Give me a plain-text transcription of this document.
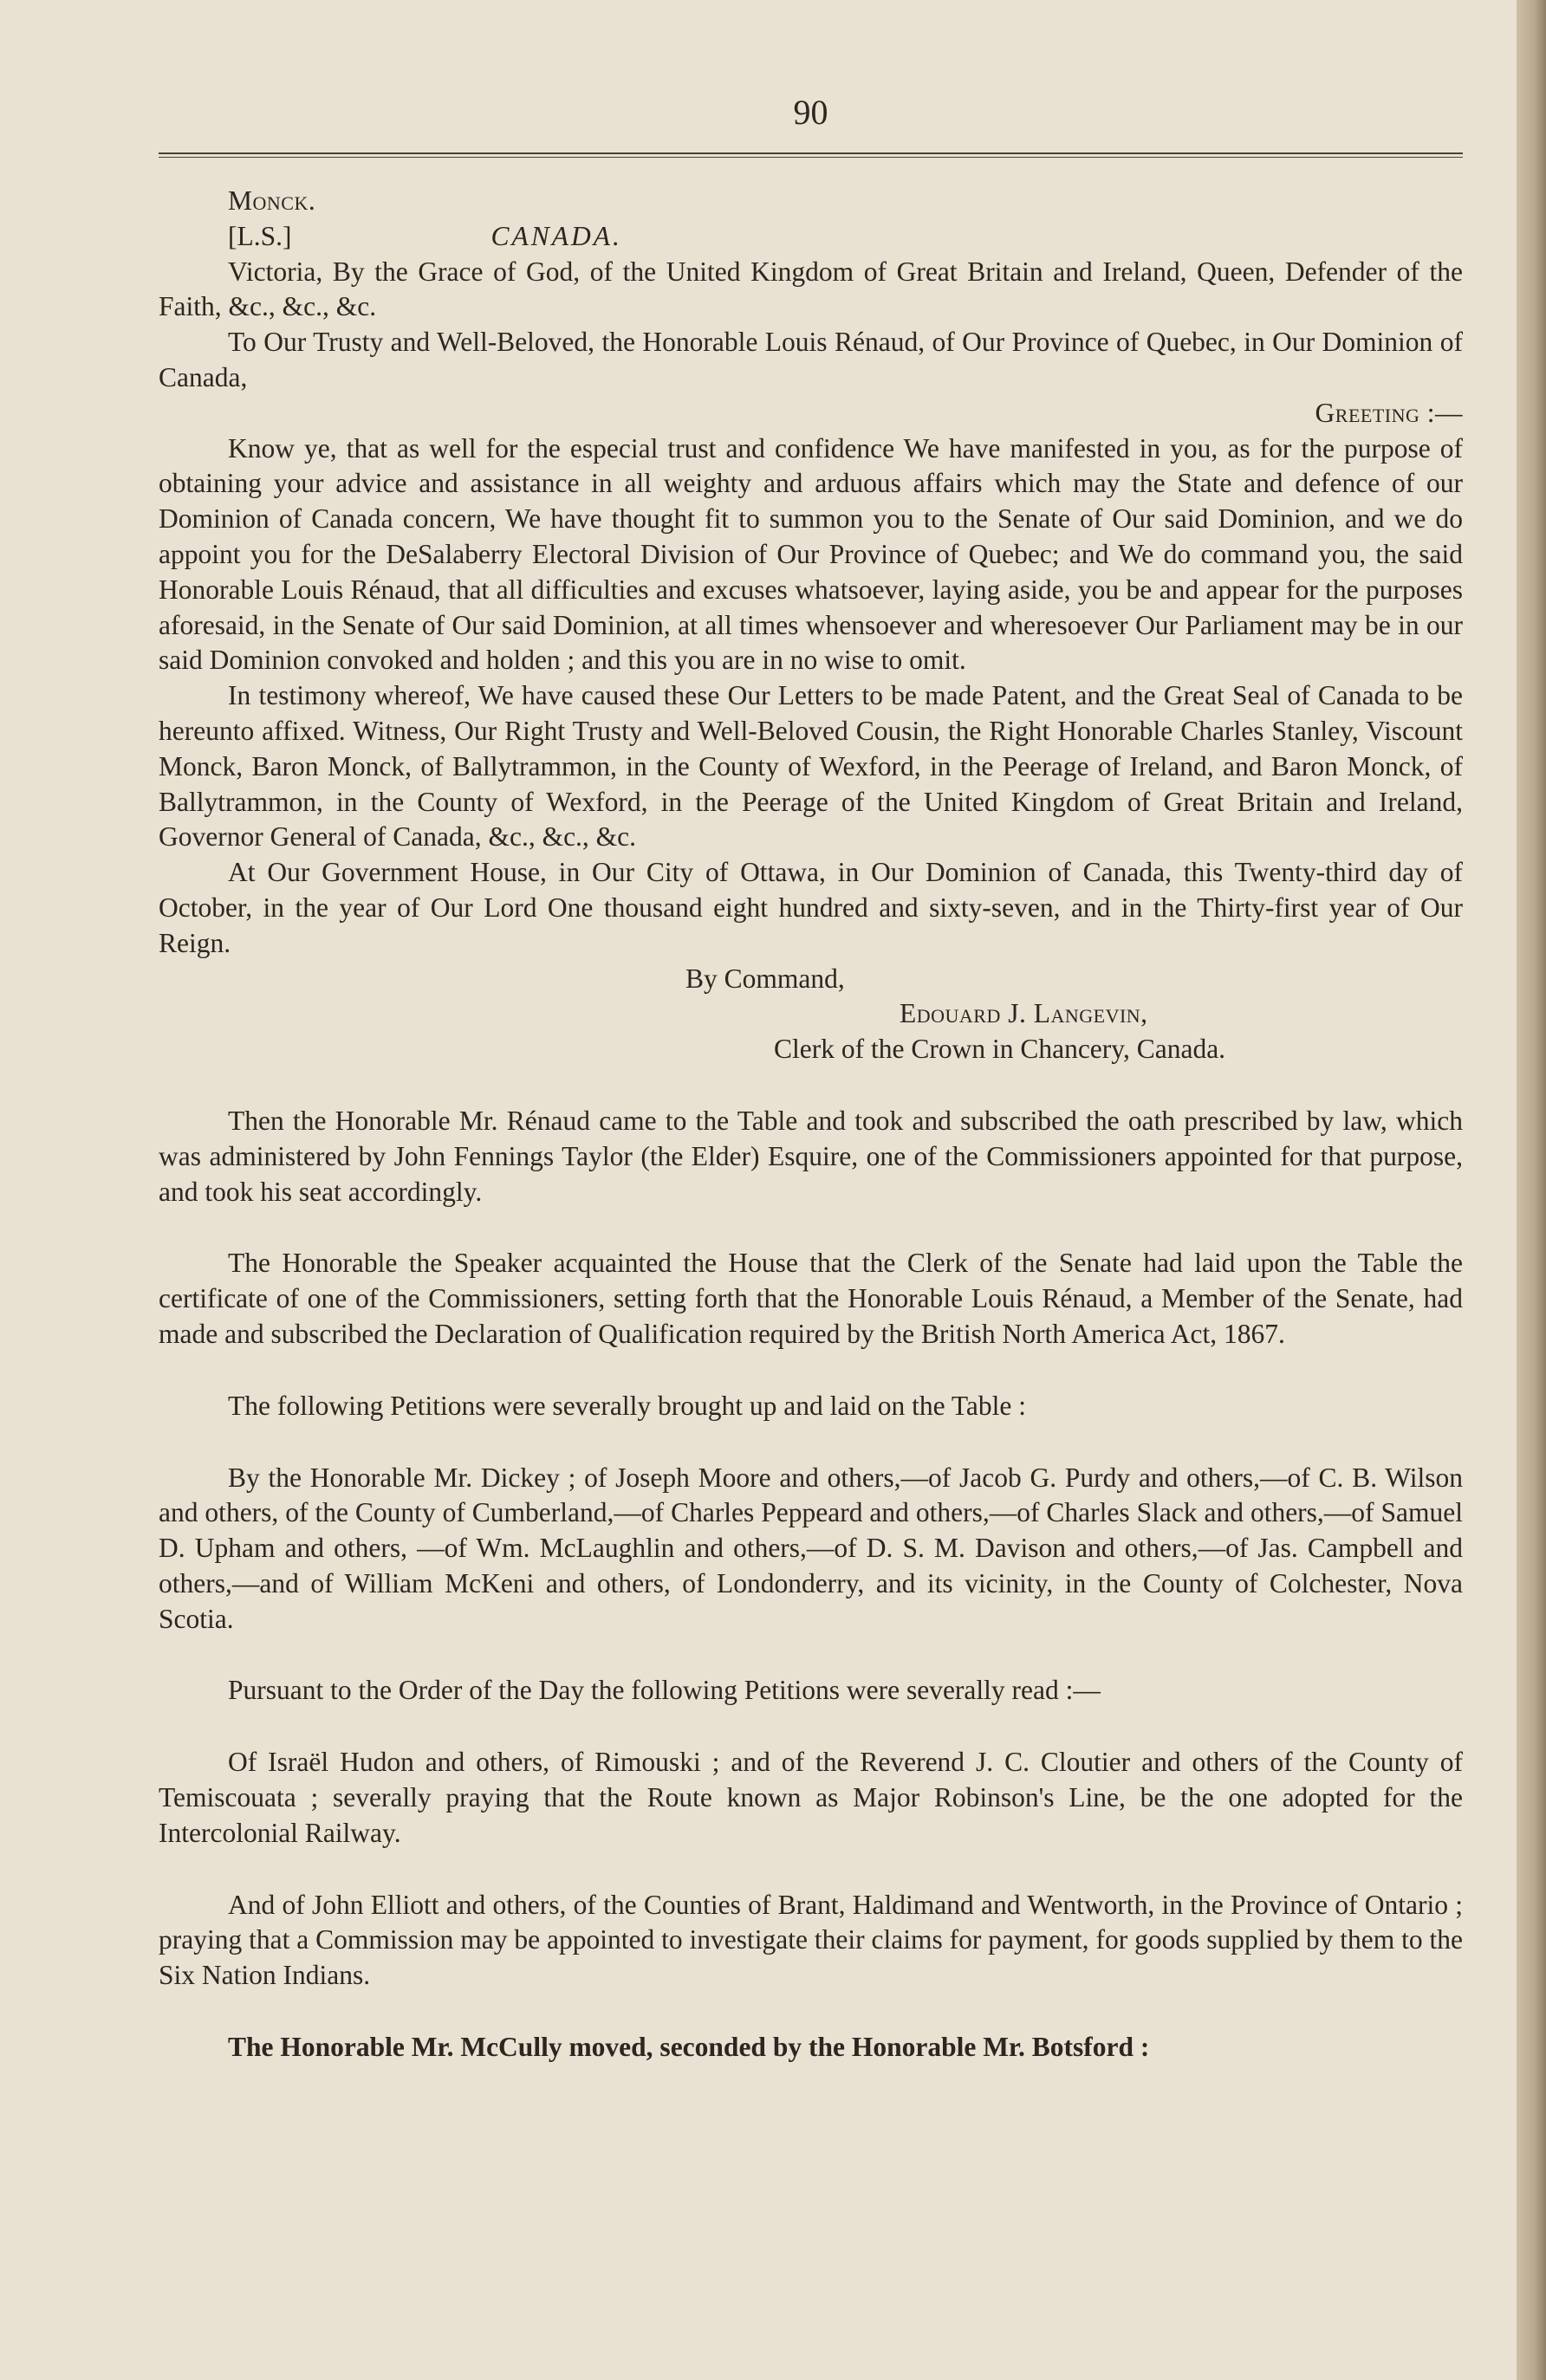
90

Monck.

[L.S.]	CANADA.

Victoria, By the Grace of God, of the United Kingdom of Great Britain and Ireland, Queen, Defender of the Faith, &c., &c., &c.

To Our Trusty and Well-Beloved, the Honorable Louis Rénaud, of Our Province of Quebec, in Our Dominion of Canada,

Greeting :—

Know ye, that as well for the especial trust and confidence We have manifested in you, as for the purpose of obtaining your advice and assistance in all weighty and arduous affairs which may the State and defence of our Dominion of Canada concern, We have thought fit to summon you to the Senate of Our said Dominion, and we do appoint you for the DeSalaberry Electoral Division of Our Province of Quebec; and We do command you, the said Honorable Louis Rénaud, that all difficulties and excuses whatsoever, laying aside, you be and appear for the purposes aforesaid, in the Senate of Our said Dominion, at all times whensoever and wheresoever Our Parliament may be in our said Dominion convoked and holden ; and this you are in no wise to omit.

In testimony whereof, We have caused these Our Letters to be made Patent, and the Great Seal of Canada to be hereunto affixed. Witness, Our Right Trusty and Well-Beloved Cousin, the Right Honorable Charles Stanley, Viscount Monck, Baron Monck, of Ballytrammon, in the County of Wexford, in the Peerage of Ireland, and Baron Monck, of Ballytrammon, in the County of Wexford, in the Peerage of the United Kingdom of Great Britain and Ireland, Governor General of Canada, &c., &c., &c.

At Our Government House, in Our City of Ottawa, in Our Dominion of Canada, this Twenty-third day of October, in the year of Our Lord One thousand eight hundred and sixty-seven, and in the Thirty-first year of Our Reign.

By Command,

Edouard J. Langevin,

Clerk of the Crown in Chancery, Canada.

Then the Honorable Mr. Rénaud came to the Table and took and subscribed the oath prescribed by law, which was administered by John Fennings Taylor (the Elder) Esquire, one of the Commissioners appointed for that purpose, and took his seat accordingly.

The Honorable the Speaker acquainted the House that the Clerk of the Senate had laid upon the Table the certificate of one of the Commissioners, setting forth that the Honorable Louis Rénaud, a Member of the Senate, had made and subscribed the Declaration of Qualification required by the British North America Act, 1867.

The following Petitions were severally brought up and laid on the Table :

By the Honorable Mr. Dickey ; of Joseph Moore and others,—of Jacob G. Purdy and others,—of C. B. Wilson and others, of the County of Cumberland,—of Charles Peppeard and others,—of Charles Slack and others,—of Samuel D. Upham and others, —of Wm. McLaughlin and others,—of D. S. M. Davison and others,—of Jas. Campbell and others,—and of William McKeni and others, of Londonderry, and its vicinity, in the County of Colchester, Nova Scotia.

Pursuant to the Order of the Day the following Petitions were severally read :—

Of Israël Hudon and others, of Rimouski ; and of the Reverend J. C. Cloutier and others of the County of Temiscouata ; severally praying that the Route known as Major Robinson's Line, be the one adopted for the Intercolonial Railway.

And of John Elliott and others, of the Counties of Brant, Haldimand and Wentworth, in the Province of Ontario ; praying that a Commission may be appointed to investigate their claims for payment, for goods supplied by them to the Six Nation Indians.

The Honorable Mr. McCully moved, seconded by the Honorable Mr. Botsford :
